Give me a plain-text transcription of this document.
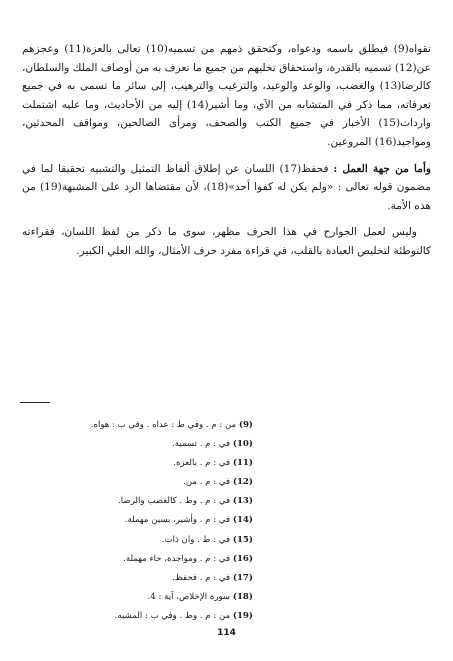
تقواه(9) فيطلق باسمه ودعواه، وكتحقق ذمهم من تسميه(10) تعالى بالعزة(11) وعجزهم عن(12) تسميه بالقدرة، واستحقاق تخليهم من جميع ما تعرف به من أوصاف الملك والسلطان، كالرضا(13) والغضب، والوعد والوعيد، والترغيب والترهيب، إلى سائر ما تسمى به في جميع تعرفاته، مما ذكر في المتشابه من الآي، وما أشير(14) إليه من الأحاديث، وما عليه اشتملت واردات(15) الأخبار في جميع الكتب والصحف، ومرأى الصالحين، ومواقف المحدثين، ومواجيد(16) المروعين.

وأما من جهة العمل : فحفظ(17) اللسان عن إطلاق ألفاظ التمثيل والتشبيه تحقيقا لما في مضمون قوله تعالى : «ولم يكن له كفوا أحد»(18)، لأن مقتضاها الرد على المشبهة(19) من هذه الأمة.

وليس لعمل الجوارح في هذا الحرف مظهر، سوى ما ذكر من لفظ اللسان، فقراءته كالتوطئة لتخليص العبادة بالقلب، في قراءة مفرد حرف الأمثال، والله العلي الكبير.

(9) من : م . وفي ط : عداه . وفي ب : هواه.
(10) في : م . تسمية.
(11) في : م . بالعزة.
(12) في : م . من.
(13) في : م . وط . كالغضب والرضا.
(14) في : م . وأشير، بسين مهملة.
(15) في : ط . وان ذات.
(16) في : م . ومواجدة، حاء مهملة.
(17) في : م . فحفظ.
(18) سورة الإخلاص، آية : 4.
(19) من : م . وط . وفي ب : المشبه.
114
